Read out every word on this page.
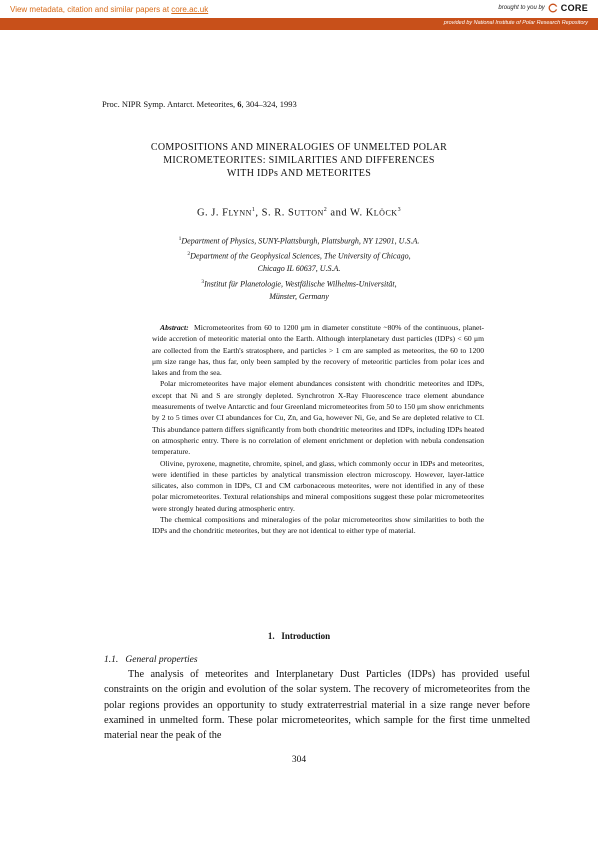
View metadata, citation and similar papers at core.ac.uk	brought to you by CORE
provided by National Institute of Polar Research Repository
Proc. NIPR Symp. Antarct. Meteorites, 6, 304–324, 1993
COMPOSITIONS AND MINERALOGIES OF UNMELTED POLAR
MICROMETEORITES: SIMILARITIES AND DIFFERENCES
WITH IDPs AND METEORITES
G. J. FLYNN$^1$, S. R. SUTTON$^2$ and W. KLÖCK$^3$
$^1$Department of Physics, SUNY-Plattsburgh, Plattsburgh, NY 12901, U.S.A.
$^2$Department of the Geophysical Sciences, The University of Chicago,
Chicago IL 60637, U.S.A.
$^3$Institut für Planetologie, Westfälische Wilhelms-Universität,
Münster, Germany

Abstract: Micrometeorites from 60 to 1200 μm in diameter constitute ~80% of the continuous, planet-wide accretion of meteoritic material onto the Earth. Although interplanetary dust particles (IDPs) < 60 μm are collected from the Earth's stratosphere, and particles > 1 cm are sampled as meteorites, the 60 to 1200 μm size range has, thus far, only been sampled by the recovery of meteoritic particles from polar ices and lakes and from the sea.

Polar micrometeorites have major element abundances consistent with chondritic meteorites and IDPs, except that Ni and S are strongly depleted. Synchrotron X-Ray Fluorescence trace element abundance measurements of twelve Antarctic and four Greenland micrometeorites from 50 to 150 μm show enrichments by 2 to 5 times over CI abundances for Cu, Zn, and Ga, however Ni, Ge, and Se are depleted relative to CI. This abundance pattern differs significantly from both chondritic meteorites and IDPs, including IDPs heated on atmospheric entry. There is no correlation of element enrichment or depletion with nebula condensation temperature.

Olivine, pyroxene, magnetite, chromite, spinel, and glass, which commonly occur in IDPs and meteorites, were identified in these particles by analytical transmission electron microscopy. However, layer-lattice silicates, also common in IDPs, CI and CM carbonaceous meteorites, were not identified in any of these polar micrometeorites. Textural relationships and mineral compositions suggest these polar micrometeorites were strongly heated during atmospheric entry.

The chemical compositions and mineralogies of the polar micrometeorites show similarities to both the IDPs and the chondritic meteorites, but they are not identical to either type of material.

1. Introduction
1.1. General properties

The analysis of meteorites and Interplanetary Dust Particles (IDPs) has provided useful constraints on the origin and evolution of the solar system. The recovery of micrometeorites from the polar regions provides an opportunity to study extraterrestrial material in a size range never before examined in unmelted form. These polar micrometeorites, which sample for the first time unmelted material near the peak of the

304
